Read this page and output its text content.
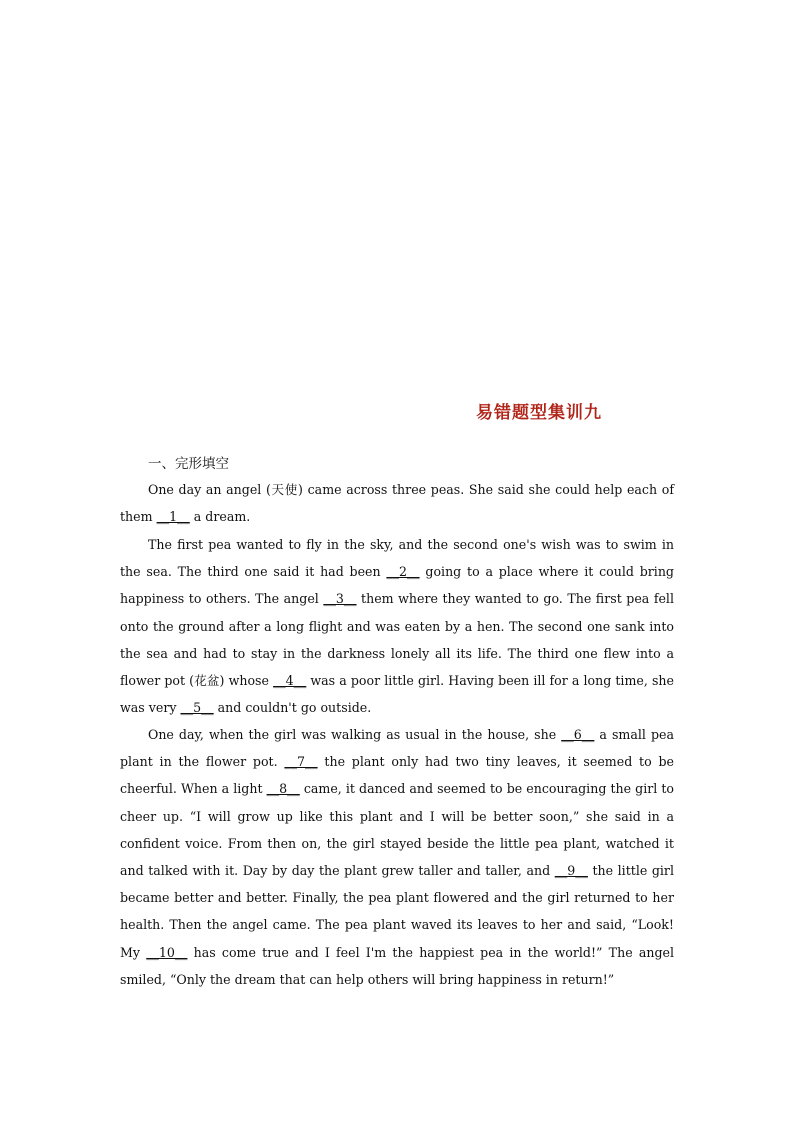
易错题型集训九
一、完形填空

One day an angel (天使) came across three peas. She said she could help each of them __1__ a dream.

The first pea wanted to fly in the sky, and the second one's wish was to swim in the sea. The third one said it had been __2__ going to a place where it could bring happiness to others. The angel __3__ them where they wanted to go. The first pea fell onto the ground after a long flight and was eaten by a hen. The second one sank into the sea and had to stay in the darkness lonely all its life. The third one flew into a flower pot (花盆) whose __4__ was a poor little girl. Having been ill for a long time, she was very __5__ and couldn't go outside.

One day, when the girl was walking as usual in the house, she __6__ a small pea plant in the flower pot. __7__ the plant only had two tiny leaves, it seemed to be cheerful. When a light __8__ came, it danced and seemed to be encouraging the girl to cheer up. “I will grow up like this plant and I will be better soon,” she said in a confident voice. From then on, the girl stayed beside the little pea plant, watched it and talked with it. Day by day the plant grew taller and taller, and __9__ the little girl became better and better. Finally, the pea plant flowered and the girl returned to her health. Then the angel came. The pea plant waved its leaves to her and said, “Look! My __10__ has come true and I feel I'm the happiest pea in the world!” The angel smiled, “Only the dream that can help others will bring happiness in return!”
